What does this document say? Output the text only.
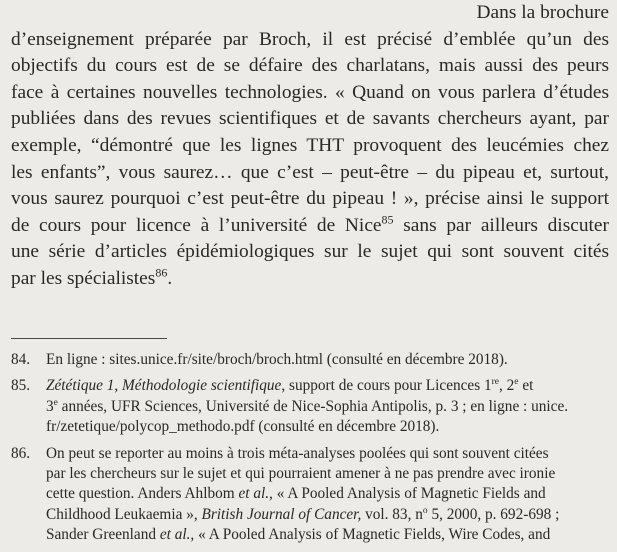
Dans la brochure
d’enseignement préparée par Broch, il est précisé d’emblée qu’un des
objectifs du cours est de se défaire des charlatans, mais aussi des peurs
face à certaines nouvelles technologies. « Quand on vous parlera d’études
publiées dans des revues scientifiques et de savants chercheurs ayant, par
exemple, “démontré que les lignes THT provoquent des leucémies chez
les enfants”, vous saurez… que c’est – peut-être – du pipeau et, surtout,
vous saurez pourquoi c’est peut-être du pipeau ! », précise ainsi le support
de cours pour licence à l’université de Nice$^{85}$ sans par ailleurs discuter
une série d’articles épidémiologiques sur le sujet qui sont souvent cités
par les spécialistes$^{86}$.
84. En ligne : sites.unice.fr/site/broch/broch.html (consulté en décembre 2018).
85. Zététique 1, Méthodologie scientifique, support de cours pour Licences 1re, 2e et
3e années, UFR Sciences, Université de Nice-Sophia Antipolis, p. 3 ; en ligne : unice.
fr/zetetique/polycop_methodo.pdf (consulté en décembre 2018).
86. On peut se reporter au moins à trois méta-analyses poolées qui sont souvent citées
par les chercheurs sur le sujet et qui pourraient amener à ne pas prendre avec ironie
cette question. Anders Ahlbom et al., « A Pooled Analysis of Magnetic Fields and
Childhood Leukaemia », British Journal of Cancer, vol. 83, $n^o$ 5, 2000, p. 692-698 ;
Sander Greenland et al., « A Pooled Analysis of Magnetic Fields, Wire Codes, and
